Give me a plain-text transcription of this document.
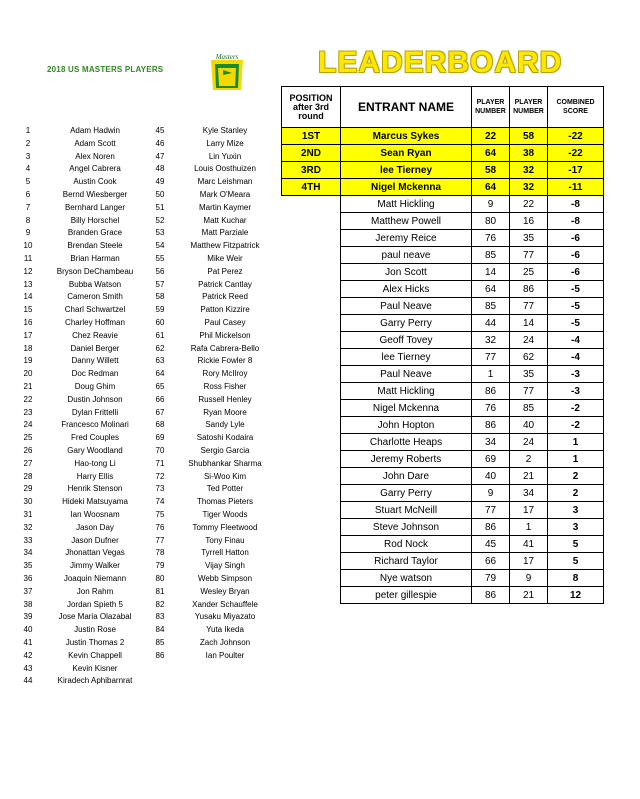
2018 US MASTERS PLAYERS
Masters	LEADERBOARD
1	Adam Hadwin	45	Kyle Stanley
2	Adam Scott	46	Larry Mize
3	Alex Noren	47	Lin Yuxin
4	Angel Cabrera	48	Louis Oosthuizen
5	Austin Cook	49	Marc Leishman
6	Bernd Wiesberger	50	Mark O'Meara
7	Bernhard Langer	51	Martin Kaymer
8	Billy Horschel	52	Matt Kuchar
9	Branden Grace	53	Matt Parziale
10	Brendan Steele	54	Matthew Fitzpatrick
11	Brian Harman	55	Mike Weir
12	Bryson DeChambeau	56	Pat Perez
13	Bubba Watson	57	Patrick Cantlay
14	Cameron Smith	58	Patrick Reed
15	Charl Schwartzel	59	Patton Kizzire
16	Charley Hoffman	60	Paul Casey
17	Chez Reavie	61	Phil Mickelson
18	Daniel Berger	62	Rafa Cabrera-Bello
19	Danny Willett	63	Rickie Fowler 8
20	Doc Redman	64	Rory McIlroy
21	Doug Ghim	65	Ross Fisher
22	Dustin Johnson	66	Russell Henley
23	Dylan Frittelli	67	Ryan Moore
24	Francesco Molinari	68	Sandy Lyle
25	Fred Couples	69	Satoshi Kodaira
26	Gary Woodland	70	Sergio Garcia
27	Hao-tong Li	71	Shubhankar Sharma
28	Harry Ellis	72	Si-Woo Kim
29	Henrik Stenson	73	Ted Potter
30	Hideki Matsuyama	74	Thomas Pieters
31	Ian Woosnam	75	Tiger Woods
32	Jason Day	76	Tommy Fleetwood
33	Jason Dufner	77	Tony Finau
34	Jhonattan Vegas	78	Tyrrell Hatton
35	Jimmy Walker	79	Vijay Singh
36	Joaquin Niemann	80	Webb Simpson
37	Jon Rahm	81	Wesley Bryan
38	Jordan Spieth 5	82	Xander Schauffele
39	Jose Maria Olazabal	83	Yusaku Miyazato
40	Justin Rose	84	Yuta Ikeda
41	Justin Thomas 2	85	Zach Johnson
42	Kevin Chappell	86	Ian Poulter
43	Kevin Kisner
44	Kiradech Aphibarnrat
POSITION after 3rd round	ENTRANT NAME	PLAYER NUMBER	PLAYER NUMBER	COMBINED SCORE
1ST	Marcus Sykes	22	58	-22
2ND	Sean Ryan	64	38	-22
3RD	lee Tierney	58	32	-17
4TH	Nigel Mckenna	64	32	-11
	Matt Hickling	9	22	-8
	Matthew Powell	80	16	-8
	Jeremy Reice	76	35	-6
	paul neave	85	77	-6
	Jon Scott	14	25	-6
	Alex Hicks	64	86	-5
	Paul Neave	85	77	-5
	Garry Perry	44	14	-5
	Geoff Tovey	32	24	-4
	lee Tierney	77	62	-4
	Paul Neave	1	35	-3
	Matt Hickling	86	77	-3
	Nigel Mckenna	76	85	-2
	John Hopton	86	40	-2
	Charlotte Heaps	34	24	1
	Jeremy Roberts	69	2	1
	John Dare	40	21	2
	Garry Perry	9	34	2
	Stuart McNeill	77	17	3
	Steve Johnson	86	1	3
	Rod Nock	45	41	5
	Richard Taylor	66	17	5
	Nye watson	79	9	8
	peter gillespie	86	21	12
